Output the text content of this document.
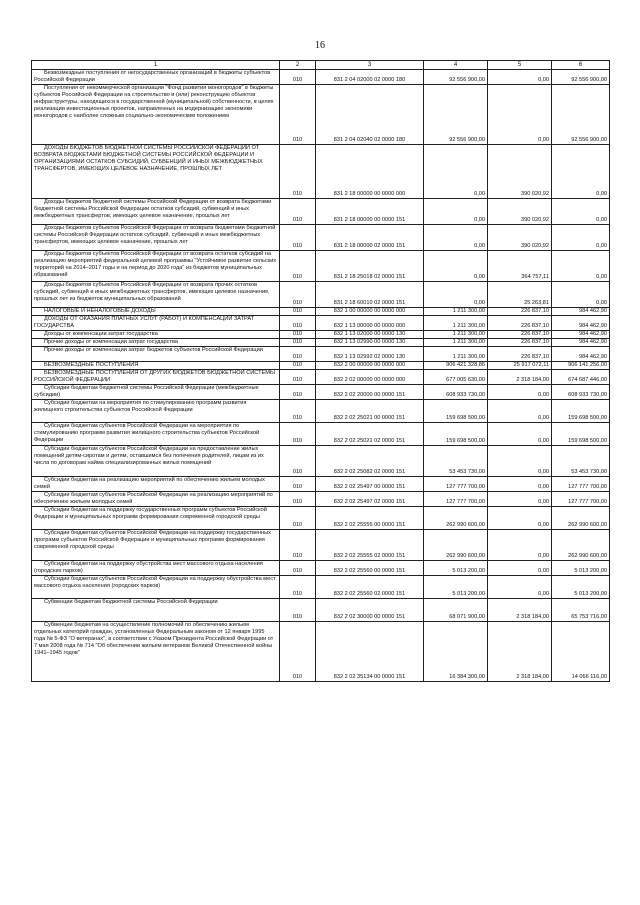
16
1	2	3	4	5	6
Безвозмездные поступления от негосударственных организаций в бюджеты субъектов Российской Федерации	010	831 2 04 02000 02 0000 180	92 556 900,00	0,00	92 556 900,00
Поступления от некоммерческой организации "Фонд развития моногородов" в бюджеты субъектов Российской Федерации на строительство и (или) реконструкцию объектов инфраструктуры, находящихся в государственной (муниципальной) собственности, в целях реализации инвестиционных проектов, направленных на модернизацию экономики моногородов с наиболее сложным социально-экономическим положением	010	831 2 04 02040 02 0000 180	92 556 900,00	0,00	92 556 900,00
ДОХОДЫ БЮДЖЕТОВ БЮДЖЕТНОЙ СИСТЕМЫ РОССИЙСКОЙ ФЕДЕРАЦИИ ОТ ВОЗВРАТА БЮДЖЕТАМИ БЮДЖЕТНОЙ СИСТЕМЫ РОССИЙСКОЙ ФЕДЕРАЦИИ И ОРГАНИЗАЦИЯМИ ОСТАТКОВ СУБСИДИЙ, СУБВЕНЦИЙ И ИНЫХ МЕЖБЮДЖЕТНЫХ ТРАНСФЕРТОВ, ИМЕЮЩИХ ЦЕЛЕВОЕ НАЗНАЧЕНИЕ, ПРОШЛЫХ ЛЕТ	010	831 2 18 00000 00 0000 000	0,00	390 020,92	0,00
Доходы бюджетов бюджетной системы Российской Федерации от возврата бюджетами бюджетной системы Российской Федерации остатков субсидий, субвенций и иных межбюджетных трансфертов, имеющих целевое назначение, прошлых лет	010	831 2 18 00000 00 0000 151	0,00	390 020,92	0,00
Доходы бюджетов субъектов Российской Федерации от возврата бюджетами бюджетной системы Российской Федерации остатков субсидий, субвенций и иных межбюджетных трансфертов, имеющих целевое назначение, прошлых лет	010	831 2 18 00000 02 0000 151	0,00	390 020,92	0,00
Доходы бюджетов субъектов Российской Федерации от возврата остатков субсидий на реализацию мероприятий федеральной целевой программы "Устойчивое развитие сельских территорий на 2014–2017 годы и на период до 2020 года" из бюджетов муниципальных образований	010	831 2 18 25018 02 0000 151	0,00	364 757,11	0,00
Доходы бюджетов субъектов Российской Федерации от возврата прочих остатков субсидий, субвенций и иных межбюджетных трансфертов, имеющих целевое назначение, прошлых лет из бюджетов муниципальных образований	010	831 2 18 60010 02 0000 151	0,00	25 263,81	0,00
НАЛОГОВЫЕ И НЕНАЛОГОВЫЕ ДОХОДЫ	010	832 1 00 00000 00 0000 000	1 211 300,00	226 837,10	984 462,90
ДОХОДЫ ОТ ОКАЗАНИЯ ПЛАТНЫХ УСЛУГ (РАБОТ) И КОМПЕНСАЦИИ ЗАТРАТ ГОСУДАРСТВА	010	832 1 13 00000 00 0000 000	1 211 300,00	226 837,10	984 462,90
Доходы от компенсации затрат государства	010	832 1 13 02000 00 0000 130	1 211 300,00	226 837,10	984 462,90
Прочие доходы от компенсации затрат государства	010	832 1 13 02990 00 0000 130	1 211 300,00	226 837,10	984 462,90
Прочие доходы от компенсации затрат бюджетов субъектов Российской Федерации	010	832 1 13 02992 02 0000 130	1 211 300,00	226 837,10	984 462,90
БЕЗВОЗМЕЗДНЫЕ ПОСТУПЛЕНИЯ	010	832 2 00 00000 00 0000 000	906 421 328,86	25 917 072,11	906 141 256,00
БЕЗВОЗМЕЗДНЫЕ ПОСТУПЛЕНИЯ ОТ ДРУГИХ БЮДЖЕТОВ БЮДЖЕТНОЙ СИСТЕМЫ РОССИЙСКОЙ ФЕДЕРАЦИИ	010	832 2 02 00000 00 0000 000	677 005 630,00	2 318 184,00	674 687 446,00
Субсидии бюджетам бюджетной системы Российской Федерации (межбюджетные субсидии)	010	832 2 02 20000 00 0000 151	608 933 730,00	0,00	608 933 730,00
Субсидии бюджетам на мероприятия по стимулированию программ развития жилищного строительства субъектов Российской Федерации	010	832 2 02 25021 00 0000 151	159 698 500,00	0,00	159 698 500,00
Субсидии бюджетам субъектов Российской Федерации на мероприятия по стимулированию программ развития жилищного строительства субъектов Российской Федерации	010	832 2 02 25021 02 0000 151	159 698 500,00	0,00	159 698 500,00
Субсидии бюджетам субъектов Российской Федерации на предоставление жилых помещений детям-сиротам и детям, оставшимся без попечения родителей, лицам из их числа по договорам найма специализированных жилых помещений	010	832 2 02 25082 02 0000 151	53 453 730,00	0,00	53 453 730,00
Субсидии бюджетам на реализацию мероприятий по обеспечению жильем молодых семей	010	832 2 02 25497 00 0000 151	127 777 700,00	0,00	127 777 700,00
Субсидии бюджетам субъектов Российской Федерации на реализацию мероприятий по обеспечению жильем молодых семей	010	832 2 02 25497 02 0000 151	127 777 700,00	0,00	127 777 700,00
Субсидии бюджетам на поддержку государственных программ субъектов Российской Федерации и муниципальных программ формирования современной городской среды	010	832 2 02 25555 00 0000 151	262 990 600,00	0,00	262 990 600,00
Субсидии бюджетам субъектов Российской Федерации на поддержку государственных программ субъектов Российской Федерации и муниципальных программ формирования современной городской среды	010	832 2 02 25555 02 0000 151	262 990 600,00	0,00	262 990 600,00
Субсидии бюджетам на поддержку обустройства мест массового отдыха населения (городских парков)	010	832 2 02 25560 00 0000 151	5 013 200,00	0,00	5 013 200,00
Субсидии бюджетам субъектов Российской Федерации на поддержку обустройства мест массового отдыха населения (городских парков)	010	832 2 02 25560 02 0000 151	5 013 200,00	0,00	5 013 200,00
Субвенции бюджетам бюджетной системы Российской Федерации	010	832 2 02 30000 00 0000 151	68 071 900,00	2 318 184,00	65 753 716,00
Субвенции бюджетам на осуществление полномочий по обеспечению жильем отдельных категорий граждан, установленных Федеральным законом от 12 января 1995 года № 5-ФЗ "О ветеранах", в соответствии с Указом Президента Российской Федерации от 7 мая 2008 года № 714 "Об обеспечении жильем ветеранов Великой Отечественной войны 1941–1945 годов"	010	832 2 02 35134 00 0000 151	16 384 300,00	2 318 184,00	14 066 116,00
